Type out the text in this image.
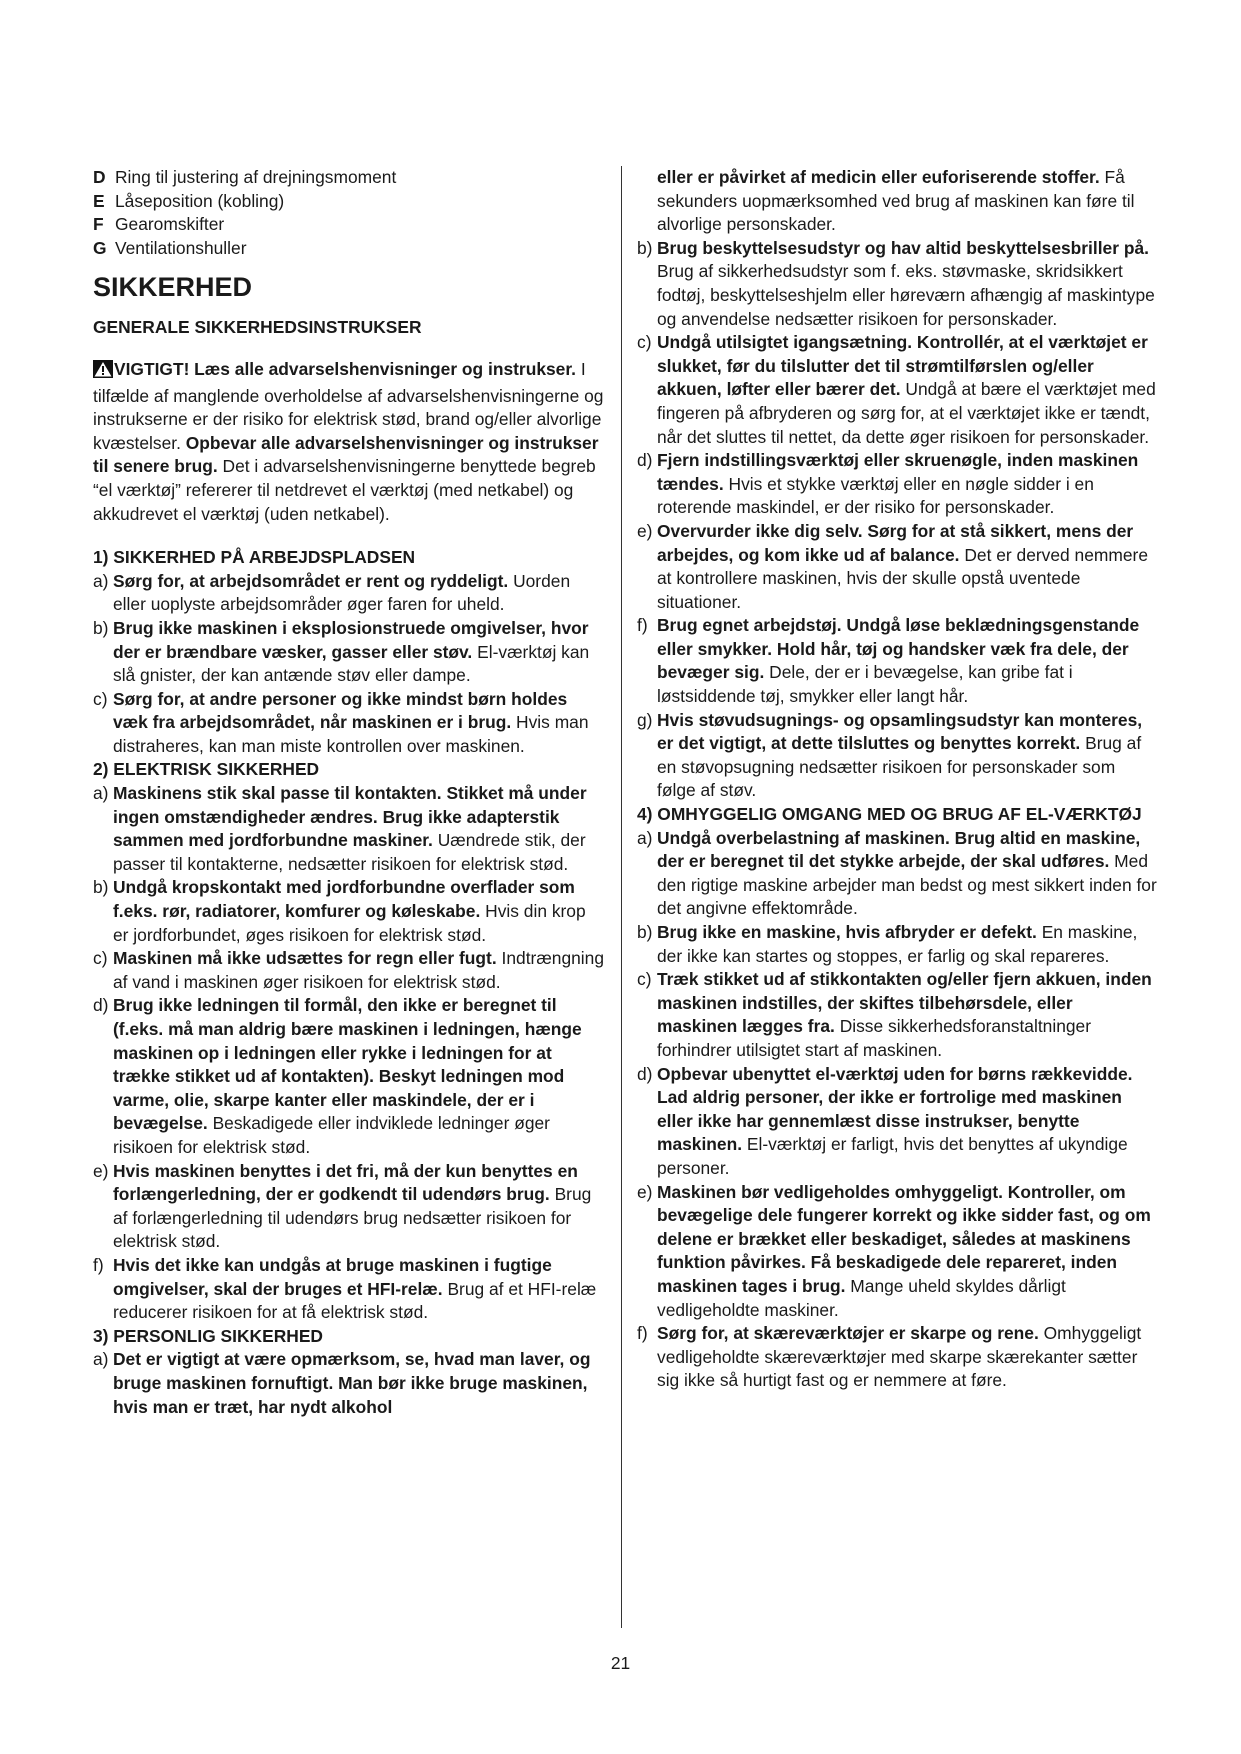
D Ring til justering af drejningsmoment
E Låseposition (kobling)
F Gearomskifter
G Ventilationshuller
SIKKERHED
GENERALE SIKKERHEDSINSTRUKSER

VIGTIGT! Læs alle advarselshenvisninger og instrukser. I tilfælde af manglende overholdelse af advarselshenvisningerne og instrukserne er der risiko for elektrisk stød, brand og/eller alvorlige kvæstelser. Opbevar alle advarselshenvisninger og instrukser til senere brug. Det i advarselshenvisningerne benyttede begreb “el værktøj” refererer til netdrevet el værktøj (med netkabel) og akkudrevet el værktøj (uden netkabel).

1) SIKKERHED PÅ ARBEJDSPLADSEN
a) Sørg for, at arbejdsområdet er rent og ryddeligt. Uorden eller uoplyste arbejdsområder øger faren for uheld.
b) Brug ikke maskinen i eksplosionstruede omgivelser, hvor der er brændbare væsker, gasser eller støv. El-værktøj kan slå gnister, der kan antænde støv eller dampe.
c) Sørg for, at andre personer og ikke mindst børn holdes væk fra arbejdsområdet, når maskinen er i brug. Hvis man distraheres, kan man miste kontrollen over maskinen.
2) ELEKTRISK SIKKERHED
a) Maskinens stik skal passe til kontakten. Stikket må under ingen omstændigheder ændres. Brug ikke adapterstik sammen med jordforbundne maskiner. Uændrede stik, der passer til kontakterne, nedsætter risikoen for elektrisk stød.
b) Undgå kropskontakt med jordforbundne overflader som f.eks. rør, radiatorer, komfurer og køleskabe. Hvis din krop er jordforbundet, øges risikoen for elektrisk stød.
c) Maskinen må ikke udsættes for regn eller fugt. Indtrængning af vand i maskinen øger risikoen for elektrisk stød.
d) Brug ikke ledningen til formål, den ikke er beregnet til (f.eks. må man aldrig bære maskinen i ledningen, hænge maskinen op i ledningen eller rykke i ledningen for at trække stikket ud af kontakten). Beskyt ledningen mod varme, olie, skarpe kanter eller maskindele, der er i bevægelse. Beskadigede eller indviklede ledninger øger risikoen for elektrisk stød.
e) Hvis maskinen benyttes i det fri, må der kun benyttes en forlængerledning, der er godkendt til udendørs brug. Brug af forlængerledning til udendørs brug nedsætter risikoen for elektrisk stød.
f) Hvis det ikke kan undgås at bruge maskinen i fugtige omgivelser, skal der bruges et HFI-relæ. Brug af et HFI-relæ reducerer risikoen for at få elektrisk stød.
3) PERSONLIG SIKKERHED
a) Det er vigtigt at være opmærksom, se, hvad man laver, og bruge maskinen fornuftigt. Man bør ikke bruge maskinen, hvis man er træt, har nydt alkohol

eller er påvirket af medicin eller euforiserende stoffer. Få sekunders uopmærksomhed ved brug af maskinen kan føre til alvorlige personskader.

b) Brug beskyttelsesudstyr og hav altid beskyttelsesbriller på. Brug af sikkerhedsudstyr som f. eks. støvmaske, skridsikkert fodtøj, beskyttelseshjelm eller høreværn afhængig af maskintype og anvendelse nedsætter risikoen for personskader.
c) Undgå utilsigtet igangsætning. Kontrollér, at el værktøjet er slukket, før du tilslutter det til strømtilførslen og/eller akkuen, løfter eller bærer det. Undgå at bære el værktøjet med fingeren på afbryderen og sørg for, at el værktøjet ikke er tændt, når det sluttes til nettet, da dette øger risikoen for personskader.
d) Fjern indstillingsværktøj eller skruenøgle, inden maskinen tændes. Hvis et stykke værktøj eller en nøgle sidder i en roterende maskindel, er der risiko for personskader.
e) Overvurder ikke dig selv. Sørg for at stå sikkert, mens der arbejdes, og kom ikke ud af balance. Det er derved nemmere at kontrollere maskinen, hvis der skulle opstå uventede situationer.
f) Brug egnet arbejdstøj. Undgå løse beklædningsgenstande eller smykker. Hold hår, tøj og handsker væk fra dele, der bevæger sig. Dele, der er i bevægelse, kan gribe fat i løstsiddende tøj, smykker eller langt hår.
g) Hvis støvudsugnings- og opsamlingsudstyr kan monteres, er det vigtigt, at dette tilsluttes og benyttes korrekt. Brug af en støvopsugning nedsætter risikoen for personskader som følge af støv.
4) OMHYGGELIG OMGANG MED OG BRUG AF EL-VÆRKTØJ
a) Undgå overbelastning af maskinen. Brug altid en maskine, der er beregnet til det stykke arbejde, der skal udføres. Med den rigtige maskine arbejder man bedst og mest sikkert inden for det angivne effektområde.
b) Brug ikke en maskine, hvis afbryder er defekt. En maskine, der ikke kan startes og stoppes, er farlig og skal repareres.
c) Træk stikket ud af stikkontakten og/eller fjern akkuen, inden maskinen indstilles, der skiftes tilbehørsdele, eller maskinen lægges fra. Disse sikkerhedsforanstaltninger forhindrer utilsigtet start af maskinen.
d) Opbevar ubenyttet el-værktøj uden for børns rækkevidde. Lad aldrig personer, der ikke er fortrolige med maskinen eller ikke har gennemlæst disse instrukser, benytte maskinen. El-værktøj er farligt, hvis det benyttes af ukyndige personer.
e) Maskinen bør vedligeholdes omhyggeligt. Kontroller, om bevægelige dele fungerer korrekt og ikke sidder fast, og om delene er brækket eller beskadiget, således at maskinens funktion påvirkes. Få beskadigede dele repareret, inden maskinen tages i brug. Mange uheld skyldes dårligt vedligeholdte maskiner.
f) Sørg for, at skæreværktøjer er skarpe og rene. Omhyggeligt vedligeholdte skæreværktøjer med skarpe skærekanter sætter sig ikke så hurtigt fast og er nemmere at føre.
21
